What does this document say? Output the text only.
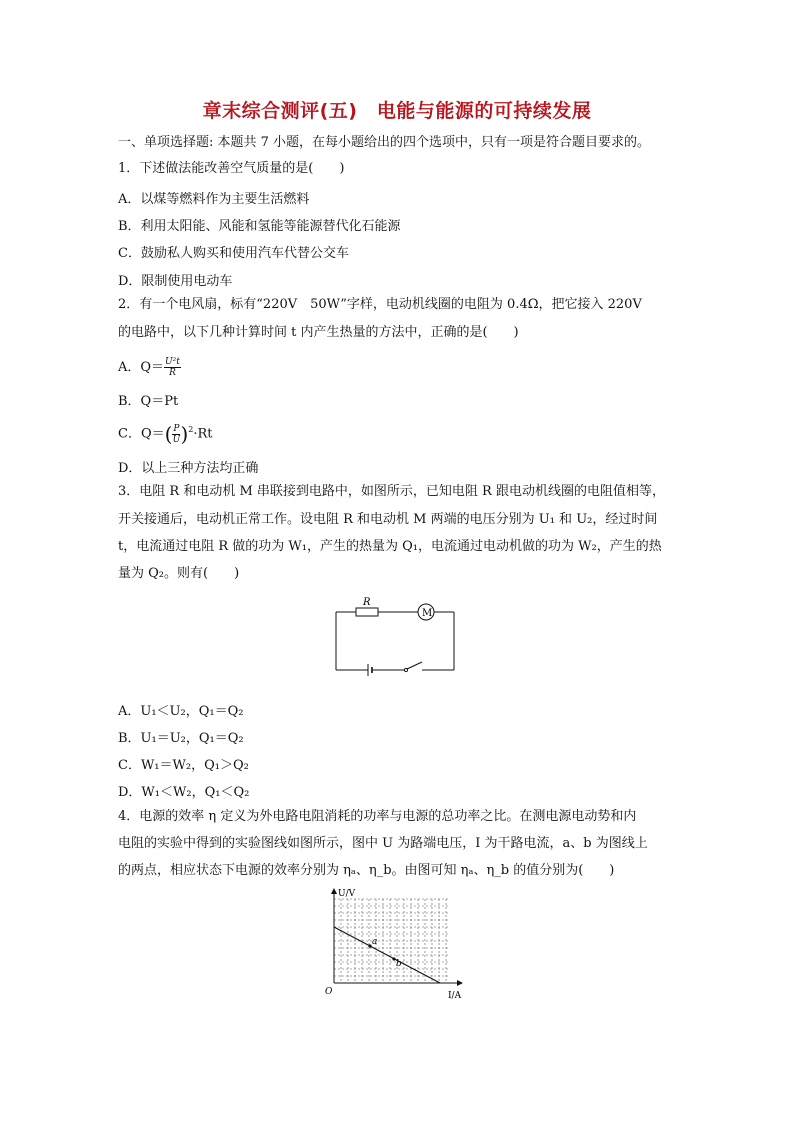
章末综合测评(五)　电能与能源的可持续发展
一、单项选择题: 本题共 7 小题，在每小题给出的四个选项中，只有一项是符合题目要求的。
1．下述做法能改善空气质量的是(　　)
A．以煤等燃料作为主要生活燃料
B．利用太阳能、风能和氢能等能源替代化石能源
C．鼓励私人购买和使用汽车代替公交车
D．限制使用电动车
2．有一个电风扇，标有“220V　50W”字样，电动机线圈的电阻为 0.4Ω，把它接入 220V
的电路中，以下几种计算时间 t 内产生热量的方法中，正确的是(　　)
A．$Q= \frac{\text{U²t}}{R}$
B．Q＝Pt
C．$Q=( \frac{P}{U} )^2\cdot Rt$
D．以上三种方法均正确
3．电阻 R 和电动机 M 串联接到电路中，如图所示，已知电阻 R 跟电动机线圈的电阻值相等，
开关接通后，电动机正常工作。设电阻 R 和电动机 M 两端的电压分别为 U₁ 和 U₂，经过时间
t，电流通过电阻 R 做的功为 W₁，产生的热量为 Q₁，电流通过电动机做的功为 W₂，产生的热
量为 Q₂。则有(　　)
R
M
A．U₁＜U₂，Q₁＝Q₂
B．U₁＝U₂，Q₁＝Q₂
C．W₁＝W₂，Q₁＞Q₂
D．W₁＜W₂，Q₁＜Q₂
4．电源的效率 η 定义为外电路电阻消耗的功率与电源的总功率之比。在测电源电动势和内
电阻的实验中得到的实验图线如图所示，图中 U 为路端电压，I 为干路电流，a、b 为图线上
的两点，相应状态下电源的效率分别为 ηₐ、η_b。由图可知 ηₐ、η_b 的值分别为(　　)
U/V
I/A
O
a
b
